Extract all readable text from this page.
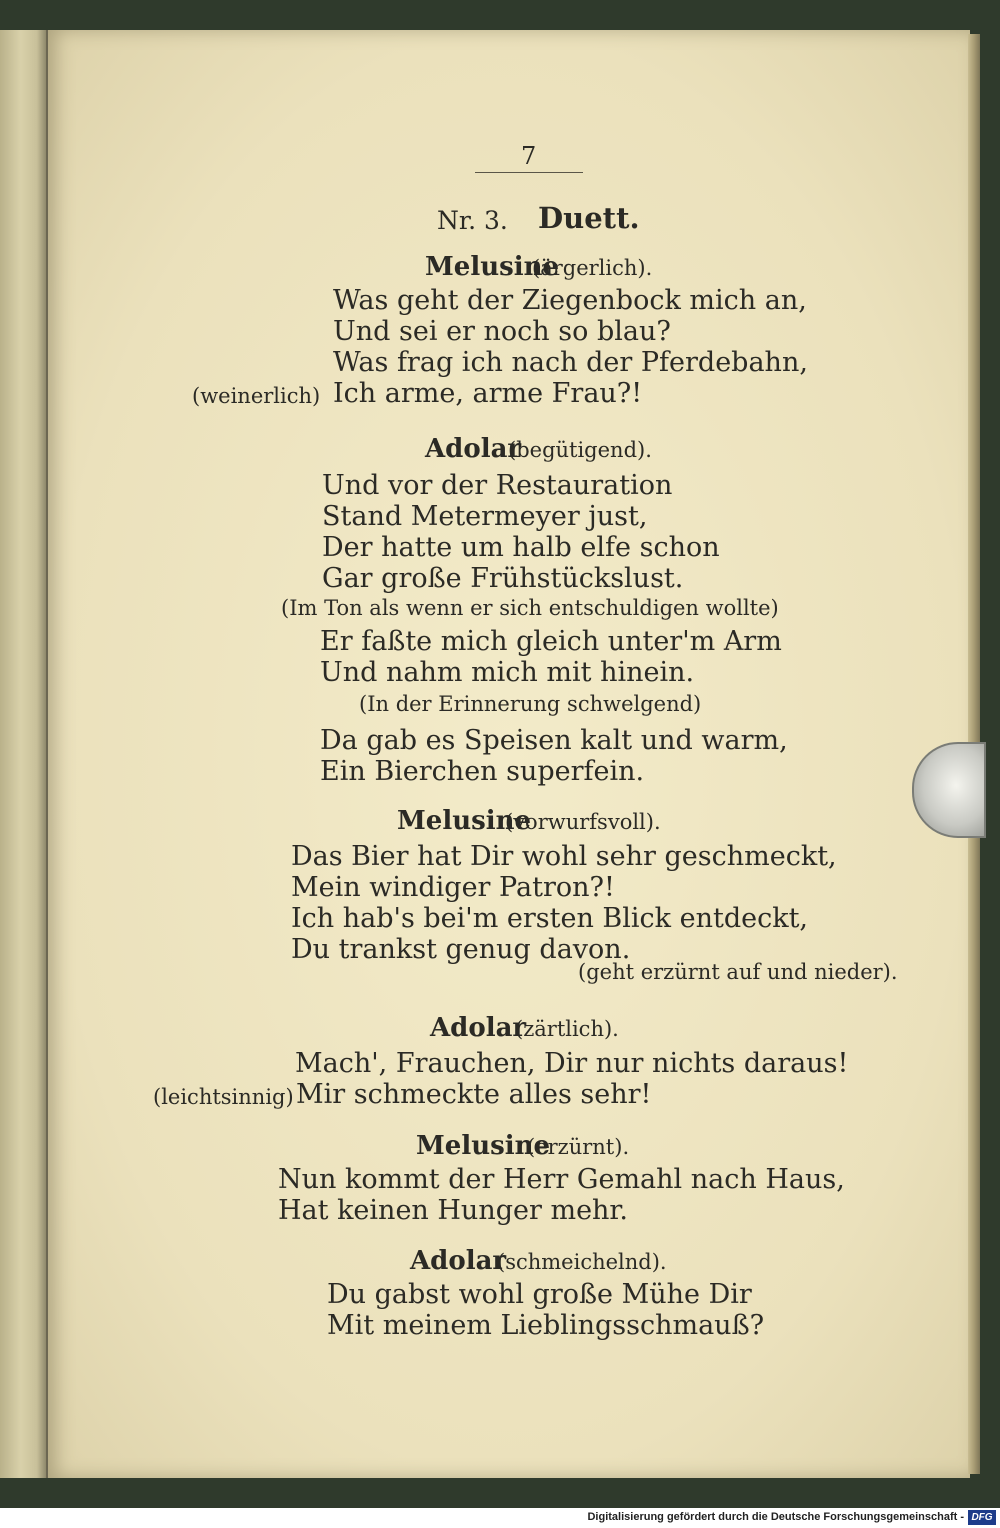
7
Nr. 3. Duett.
Melusine
(ärgerlich).
Was geht der Ziegenbock mich an,
Und sei er noch so blau?
Was frag ich nach der Pferdebahn,
(weinerlich) Ich arme, arme Frau?!
Adolar
(begütigend).
Und vor der Restauration
Stand Metermeyer just,
Der hatte um halb elfe schon
Gar große Frühstückslust.
(Im Ton als wenn er sich entschuldigen wollte)
Er faßte mich gleich unter'm Arm
Und nahm mich mit hinein.
(In der Erinnerung schwelgend)
Da gab es Speisen kalt und warm,
Ein Bierchen superfein.
Melusine
(vorwurfsvoll).
Das Bier hat Dir wohl sehr geschmeckt,
Mein windiger Patron?!
Ich hab's bei'm ersten Blick entdeckt,
Du trankst genug davon.
(geht erzürnt auf und nieder).
Adolar
(zärtlich).
Mach', Frauchen, Dir nur nichts daraus!
(leichtsinnig) Mir schmeckte alles sehr!
Melusine
(erzürnt).
Nun kommt der Herr Gemahl nach Haus,
Hat keinen Hunger mehr.
Adolar
(schmeichelnd).
Du gabst wohl große Mühe Dir
Mit meinem Lieblingsschmauß?
Digitalisierung gefördert durch die Deutsche Forschungsgemeinschaft - DFG
